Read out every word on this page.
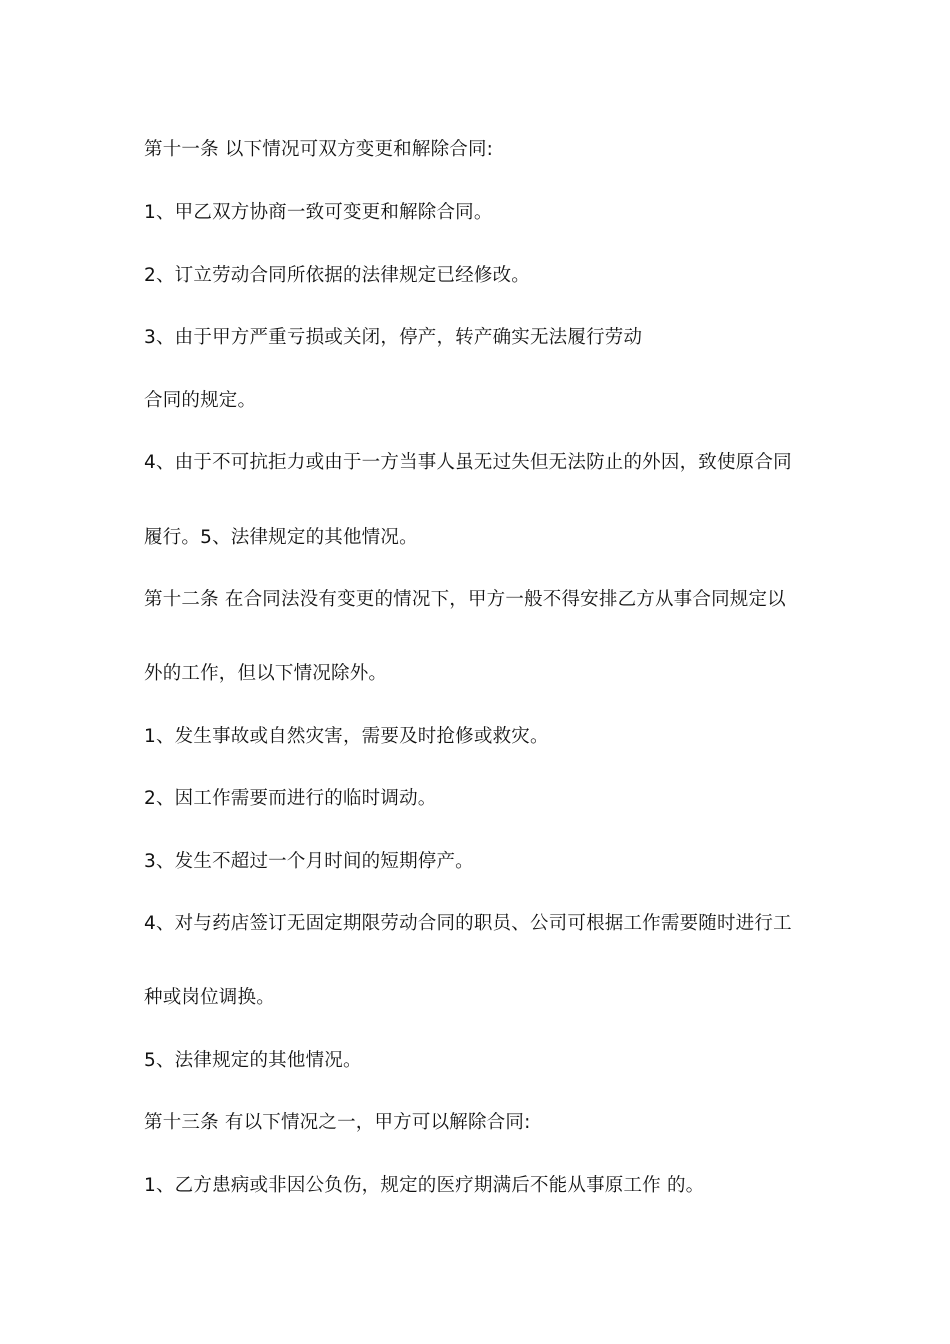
第十一条 以下情况可双方变更和解除合同:
1、甲乙双方协商一致可变更和解除合同。
2、订立劳动合同所依据的法律规定已经修改。
3、由于甲方严重亏损或关闭，停产，转产确实无法履行劳动
合同的规定。
4、由于不可抗拒力或由于一方当事人虽无过失但无法防止的外因，致使原合同
履行。5、法律规定的其他情况。
第十二条 在合同法没有变更的情况下，甲方一般不得安排乙方从事合同规定以
外的工作，但以下情况除外。
1、发生事故或自然灾害，需要及时抢修或救灾。
2、因工作需要而进行的临时调动。
3、发生不超过一个月时间的短期停产。
4、对与药店签订无固定期限劳动合同的职员、公司可根据工作需要随时进行工
种或岗位调换。
5、法律规定的其他情况。
第十三条 有以下情况之一，甲方可以解除合同:
1、乙方患病或非因公负伤，规定的医疗期满后不能从事原工作 的。
